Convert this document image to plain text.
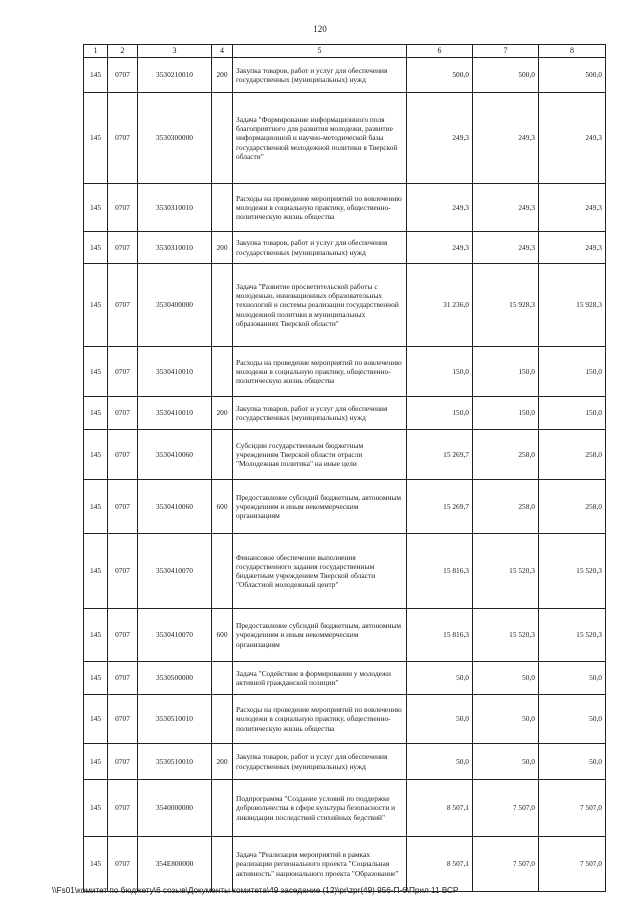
120
1	2	3	4	5	6	7	8
145	0707	3530210010	200	Закупка товаров, работ и услуг для обеспечения государственных (муниципальных) нужд	500,0	500,0	500,0
145	0707	3530300000		Задача "Формирование информационного поля благоприятного для развития молодежи, развитие информационной и научно-методической базы государственной молодежной политики в Тверской области"	249,3	249,3	249,3
145	0707	3530310010		Расходы на проведение мероприятий по вовлечению молодежи в социальную практику, общественно-политическую жизнь общества	249,3	249,3	249,3
145	0707	3530310010	200	Закупка товаров, работ и услуг для обеспечения государственных (муниципальных) нужд	249,3	249,3	249,3
145	0707	3530400000		Задача "Развитие просветительской работы с молодежью, инновационных образовательных технологий и системы реализации государственной молодежной политики в муниципальных образованиях Тверской области"	31 236,0	15 928,3	15 928,3
145	0707	3530410010		Расходы на проведение мероприятий по вовлечению молодежи в социальную практику, общественно-политическую жизнь общества	150,0	150,0	150,0
145	0707	3530410010	200	Закупка товаров, работ и услуг для обеспечения государственных (муниципальных) нужд	150,0	150,0	150,0
145	0707	3530410060		Субсидии государственным бюджетным учреждениям Тверской области отрасли "Молодежная политика" на иные цели	15 269,7	258,0	258,0
145	0707	3530410060	600	Предоставление субсидий бюджетным, автономным учреждениям и иным некоммерческим организациям	15 269,7	258,0	258,0
145	0707	3530410070		Финансовое обеспечение выполнения государственного задания государственным бюджетным учреждением Тверской области "Областной молодежный центр"	15 816,3	15 520,3	15 520,3
145	0707	3530410070	600	Предоставление субсидий бюджетным, автономным учреждениям и иным некоммерческим организациям	15 816,3	15 520,3	15 520,3
145	0707	3530500000		Задача "Содействие в формировании у молодежи активной гражданской позиции"	50,0	50,0	50,0
145	0707	3530510010		Расходы на проведение мероприятий по вовлечению молодежи в социальную практику, общественно-политическую жизнь общества	50,0	50,0	50,0
145	0707	3530510010	200	Закупка товаров, работ и услуг для обеспечения государственных (муниципальных) нужд	50,0	50,0	50,0
145	0707	3540000000		Подпрограмма "Создание условий по поддержке добровольчества в сфере культуры безопасности и ликвидации последствий стихийных бедствий"	8 507,1	7 507,0	7 507,0
145	0707	354E800000		Задача "Реализация мероприятий в рамках реализации регионального проекта "Социальная активность" национального проекта "Образование"	8 507,1	7 507,0	7 507,0
\\Fs01\комитет по бюджету\6 созыв\Документы комитета\49 заседание (12)\pr\zpr(49) 956-П-6\Прил 11 ВСР
